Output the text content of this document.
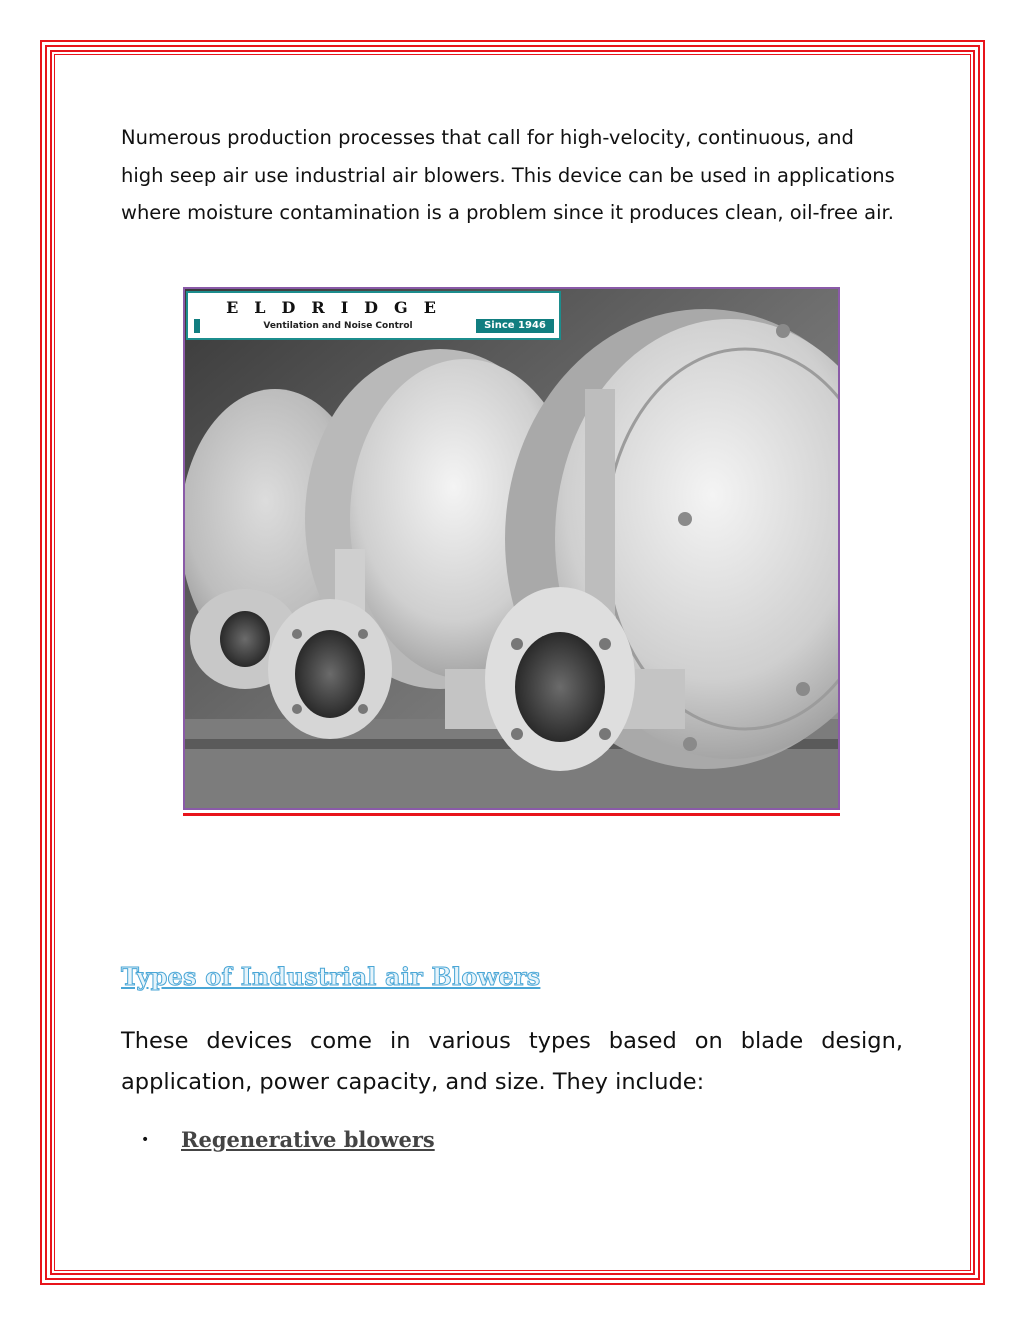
Numerous production processes that call for high-velocity, continuous, and high seep air use industrial air blowers. This device can be used in applications where moisture contamination is a problem since it produces clean, oil-free air.

ELDRIDGE
Ventilation and Noise Control	Since 1946
Types of Industrial air Blowers

These devices come in various types based on blade design, application, power capacity, and size. They include:

•	Regenerative blowers
